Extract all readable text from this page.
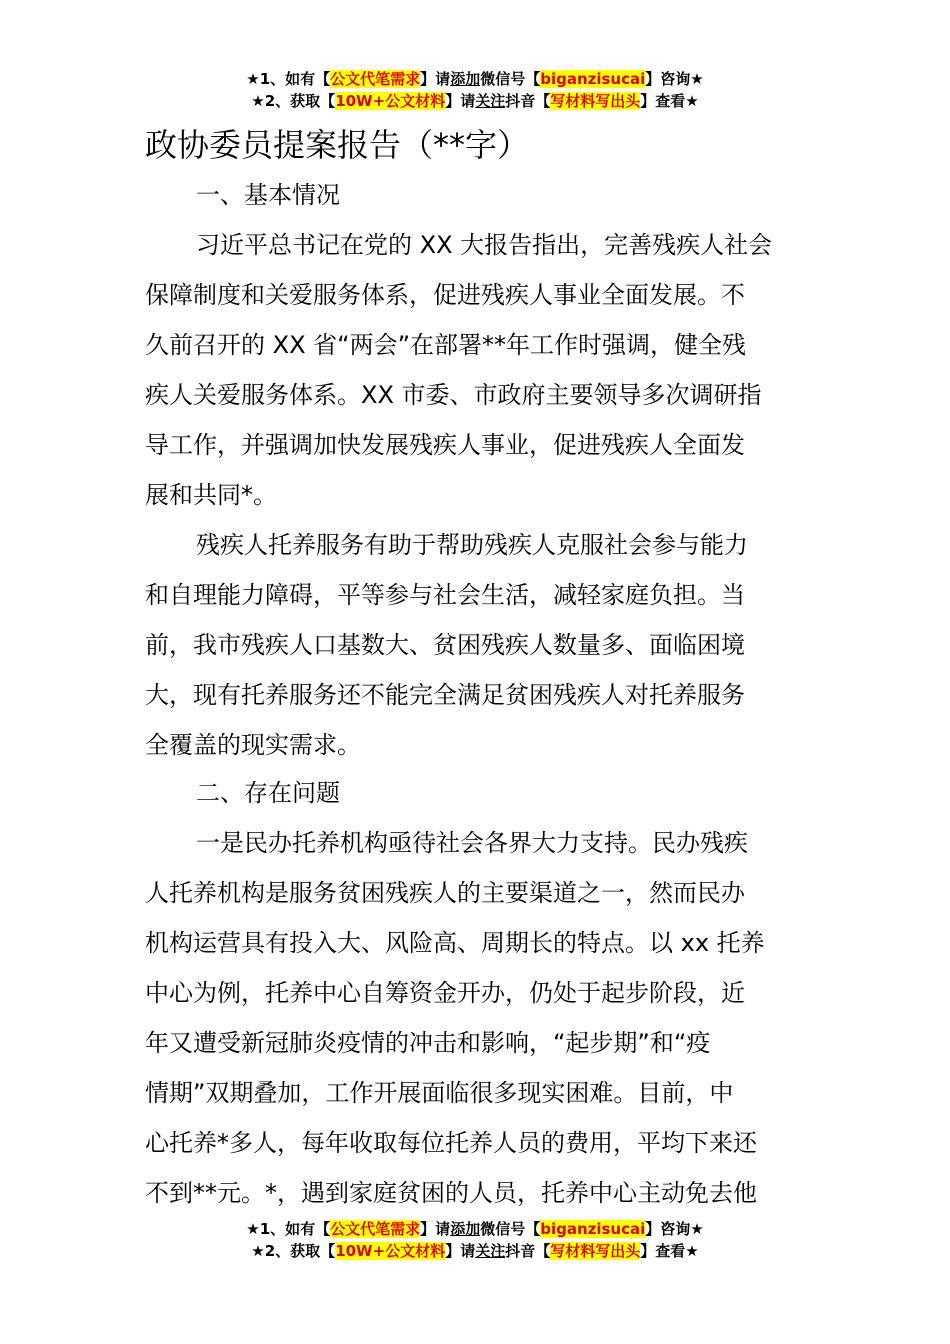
★1、如有【公文代笔需求】请添加微信号【biganzisucai】咨询★
★2、获取【10W+公文材料】请关注抖音【写材料写出头】查看★
政协委员提案报告（**字）
一、基本情况
习近平总书记在党的 XX 大报告指出，完善残疾人社会
保障制度和关爱服务体系，促进残疾人事业全面发展。不
久前召开的 XX 省“两会”在部署**年工作时强调，健全残
疾人关爱服务体系。XX 市委、市政府主要领导多次调研指
导工作，并强调加快发展残疾人事业，促进残疾人全面发
展和共同*。
残疾人托养服务有助于帮助残疾人克服社会参与能力
和自理能力障碍，平等参与社会生活，减轻家庭负担。当
前，我市残疾人口基数大、贫困残疾人数量多、面临困境
大，现有托养服务还不能完全满足贫困残疾人对托养服务
全覆盖的现实需求。
二、存在问题
一是民办托养机构亟待社会各界大力支持。民办残疾
人托养机构是服务贫困残疾人的主要渠道之一，然而民办
机构运营具有投入大、风险高、周期长的特点。以 xx 托养
中心为例，托养中心自筹资金开办，仍处于起步阶段，近
年又遭受新冠肺炎疫情的冲击和影响，“起步期”和“疫
情期”双期叠加，工作开展面临很多现实困难。目前，中
心托养*多人，每年收取每位托养人员的费用，平均下来还
不到**元。*，遇到家庭贫困的人员，托养中心主动免去他
★1、如有【公文代笔需求】请添加微信号【biganzisucai】咨询★
★2、获取【10W+公文材料】请关注抖音【写材料写出头】查看★
